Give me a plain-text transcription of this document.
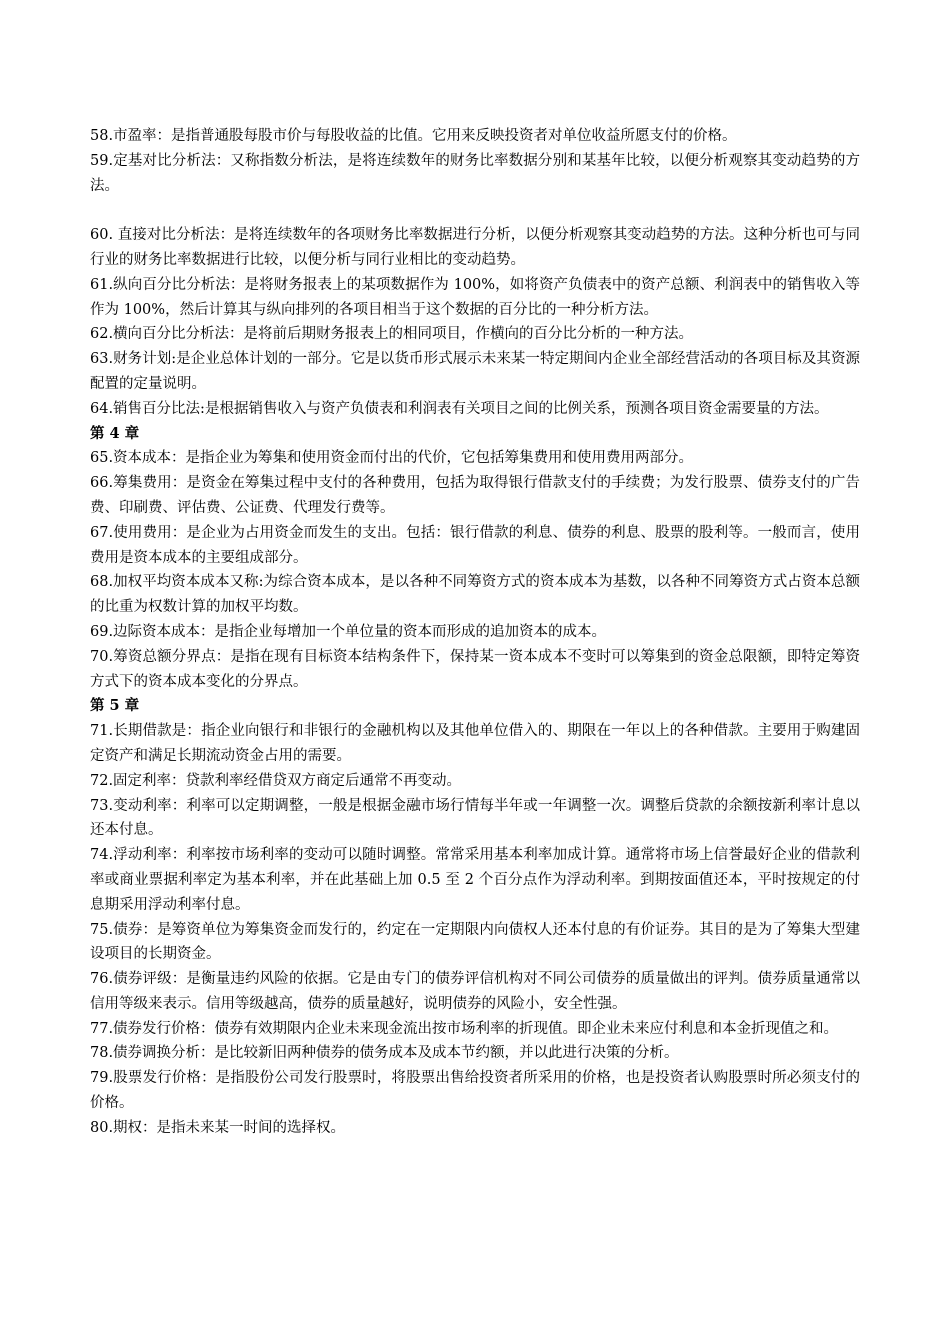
58.市盈率：是指普通股每股市价与每股收益的比值。它用来反映投资者对单位收益所愿支付的价格。

59.定基对比分析法：又称指数分析法，是将连续数年的财务比率数据分别和某基年比较，以便分析观察其变动趋势的方法。

60. 直接对比分析法：是将连续数年的各项财务比率数据进行分析，以便分析观察其变动趋势的方法。这种分析也可与同行业的财务比率数据进行比较，以便分析与同行业相比的变动趋势。

61.纵向百分比分析法：是将财务报表上的某项数据作为 100%，如将资产负债表中的资产总额、利润表中的销售收入等作为 100%，然后计算其与纵向排列的各项目相当于这个数据的百分比的一种分析方法。

62.横向百分比分析法：是将前后期财务报表上的相同项目，作横向的百分比分析的一种方法。

63.财务计划:是企业总体计划的一部分。它是以货币形式展示未来某一特定期间内企业全部经营活动的各项目标及其资源配置的定量说明。

64.销售百分比法:是根据销售收入与资产负债表和利润表有关项目之间的比例关系，预测各项目资金需要量的方法。

第 4 章

65.资本成本：是指企业为筹集和使用资金而付出的代价，它包括筹集费用和使用费用两部分。

66.筹集费用：是资金在筹集过程中支付的各种费用，包括为取得银行借款支付的手续费；为发行股票、债券支付的广告费、印刷费、评估费、公证费、代理发行费等。

67.使用费用：是企业为占用资金而发生的支出。包括：银行借款的利息、债券的利息、股票的股利等。一般而言，使用费用是资本成本的主要组成部分。

68.加权平均资本成本又称:为综合资本成本，是以各种不同筹资方式的资本成本为基数，以各种不同筹资方式占资本总额的比重为权数计算的加权平均数。

69.边际资本成本：是指企业每增加一个单位量的资本而形成的追加资本的成本。

70.筹资总额分界点：是指在现有目标资本结构条件下，保持某一资本成本不变时可以筹集到的资金总限额，即特定筹资方式下的资本成本变化的分界点。

第 5 章

71.长期借款是：指企业向银行和非银行的金融机构以及其他单位借入的、期限在一年以上的各种借款。主要用于购建固定资产和满足长期流动资金占用的需要。

72.固定利率：贷款利率经借贷双方商定后通常不再变动。

73.变动利率：利率可以定期调整，一般是根据金融市场行情每半年或一年调整一次。调整后贷款的余额按新利率计息以还本付息。

74.浮动利率：利率按市场利率的变动可以随时调整。常常采用基本利率加成计算。通常将市场上信誉最好企业的借款利率或商业票据利率定为基本利率，并在此基础上加 0.5 至 2 个百分点作为浮动利率。到期按面值还本，平时按规定的付息期采用浮动利率付息。

75.债券：是筹资单位为筹集资金而发行的，约定在一定期限内向债权人还本付息的有价证券。其目的是为了筹集大型建设项目的长期资金。

76.债券评级：是衡量违约风险的依据。它是由专门的债券评信机构对不同公司债券的质量做出的评判。债券质量通常以信用等级来表示。信用等级越高，债券的质量越好，说明债券的风险小，安全性强。

77.债券发行价格：债券有效期限内企业未来现金流出按市场利率的折现值。即企业未来应付利息和本金折现值之和。

78.债券调换分析：是比较新旧两种债券的债务成本及成本节约额，并以此进行决策的分析。

79.股票发行价格：是指股份公司发行股票时，将股票出售给投资者所采用的价格，也是投资者认购股票时所必须支付的价格。

80.期权：是指未来某一时间的选择权。
